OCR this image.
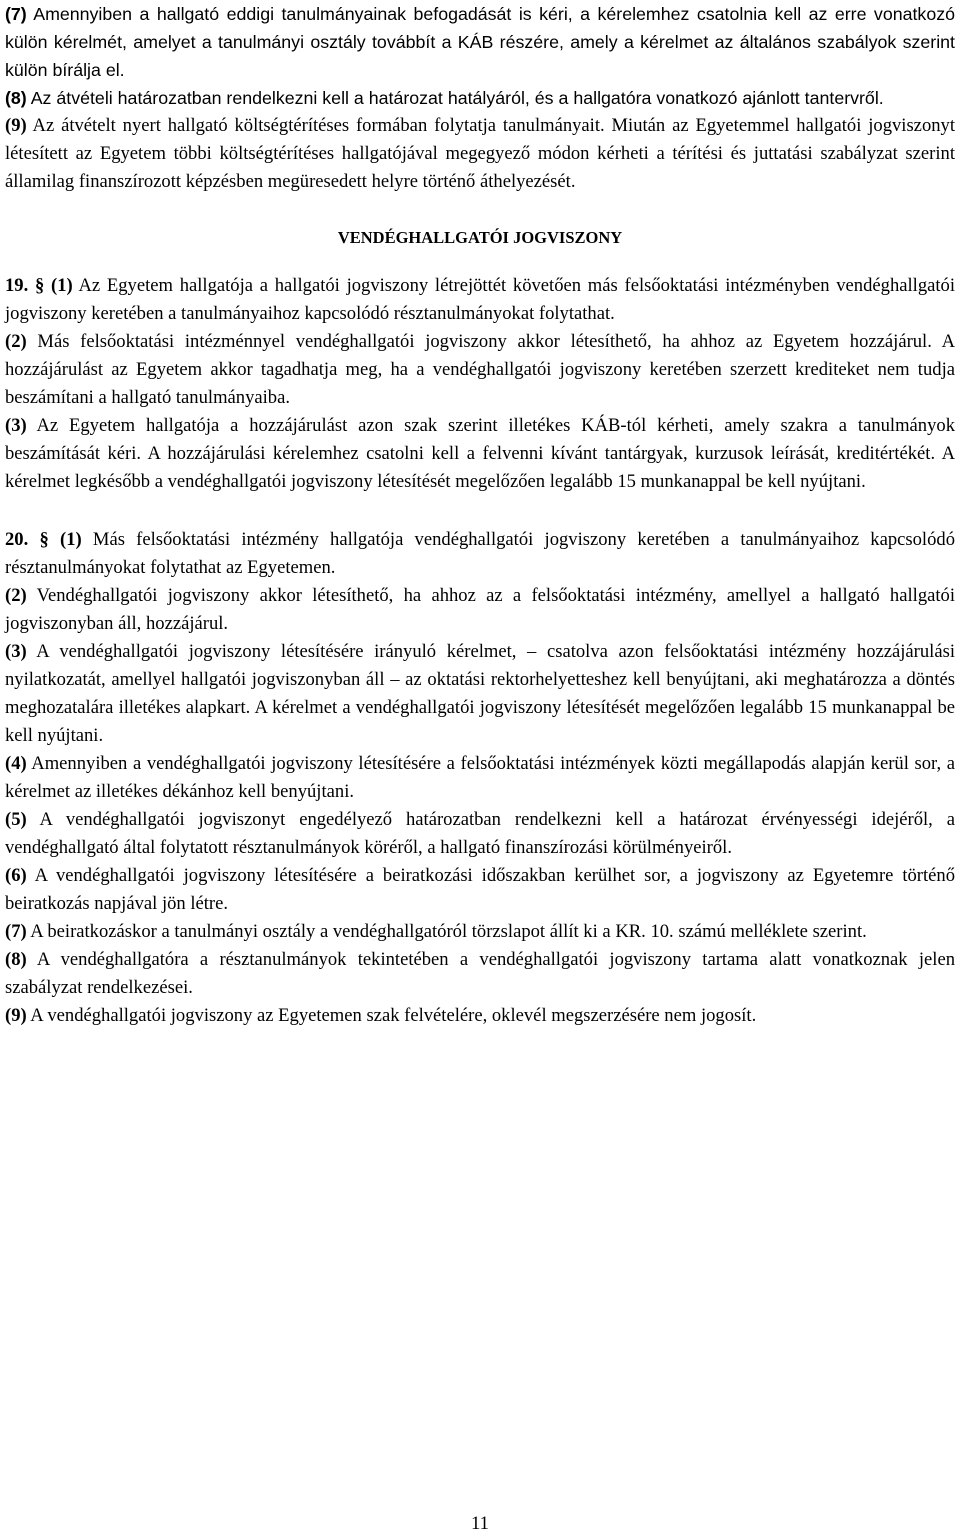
(7) Amennyiben a hallgató eddigi tanulmányainak befogadását is kéri, a kérelemhez csatolnia kell az erre vonatkozó külön kérelmét, amelyet a tanulmányi osztály továbbít a KÁB részére, amely a kérelmet az általános szabályok szerint külön bírálja el.

(8) Az átvételi határozatban rendelkezni kell a határozat hatályáról, és a hallgatóra vonatkozó ajánlott tantervről.

(9) Az átvételt nyert hallgató költségtérítéses formában folytatja tanulmányait. Miután az Egyetemmel hallgatói jogviszonyt létesített az Egyetem többi költségtérítéses hallgatójával megegyező módon kérheti a térítési és juttatási szabályzat szerint államilag finanszírozott képzésben megüresedett helyre történő áthelyezését.

VENDÉGHALLGATÓI JOGVISZONY

19. § (1) Az Egyetem hallgatója a hallgatói jogviszony létrejöttét követően más felsőoktatási intézményben vendéghallgatói jogviszony keretében a tanulmányaihoz kapcsolódó résztanulmányokat folytathat.

(2) Más felsőoktatási intézménnyel vendéghallgatói jogviszony akkor létesíthető, ha ahhoz az Egyetem hozzájárul. A hozzájárulást az Egyetem akkor tagadhatja meg, ha a vendéghallgatói jogviszony keretében szerzett krediteket nem tudja beszámítani a hallgató tanulmányaiba.

(3) Az Egyetem hallgatója a hozzájárulást azon szak szerint illetékes KÁB-tól kérheti, amely szakra a tanulmányok beszámítását kéri. A hozzájárulási kérelemhez csatolni kell a felvenni kívánt tantárgyak, kurzusok leírását, kreditértékét. A kérelmet legkésőbb a vendéghallgatói jogviszony létesítését megelőzően legalább 15 munkanappal be kell nyújtani.

20. § (1) Más felsőoktatási intézmény hallgatója vendéghallgatói jogviszony keretében a tanulmányaihoz kapcsolódó résztanulmányokat folytathat az Egyetemen.

(2) Vendéghallgatói jogviszony akkor létesíthető, ha ahhoz az a felsőoktatási intézmény, amellyel a hallgató hallgatói jogviszonyban áll, hozzájárul.

(3) A vendéghallgatói jogviszony létesítésére irányuló kérelmet, – csatolva azon felsőoktatási intézmény hozzájárulási nyilatkozatát, amellyel hallgatói jogviszonyban áll – az oktatási rektorhelyetteshez kell benyújtani, aki meghatározza a döntés meghozatalára illetékes alapkart. A kérelmet a vendéghallgatói jogviszony létesítését megelőzően legalább 15 munkanappal be kell nyújtani.

(4) Amennyiben a vendéghallgatói jogviszony létesítésére a felsőoktatási intézmények közti megállapodás alapján kerül sor, a kérelmet az illetékes dékánhoz kell benyújtani.

(5) A vendéghallgatói jogviszonyt engedélyező határozatban rendelkezni kell a határozat érvényességi idejéről, a vendéghallgató által folytatott résztanulmányok köréről, a hallgató finanszírozási körülményeiről.

(6) A vendéghallgatói jogviszony létesítésére a beiratkozási időszakban kerülhet sor, a jogviszony az Egyetemre történő beiratkozás napjával jön létre.

(7) A beiratkozáskor a tanulmányi osztály a vendéghallgatóról törzslapot állít ki a KR. 10. számú melléklete szerint.

(8) A vendéghallgatóra a résztanulmányok tekintetében a vendéghallgatói jogviszony tartama alatt vonatkoznak jelen szabályzat rendelkezései.

(9) A vendéghallgatói jogviszony az Egyetemen szak felvételére, oklevél megszerzésére nem jogosít.

11
